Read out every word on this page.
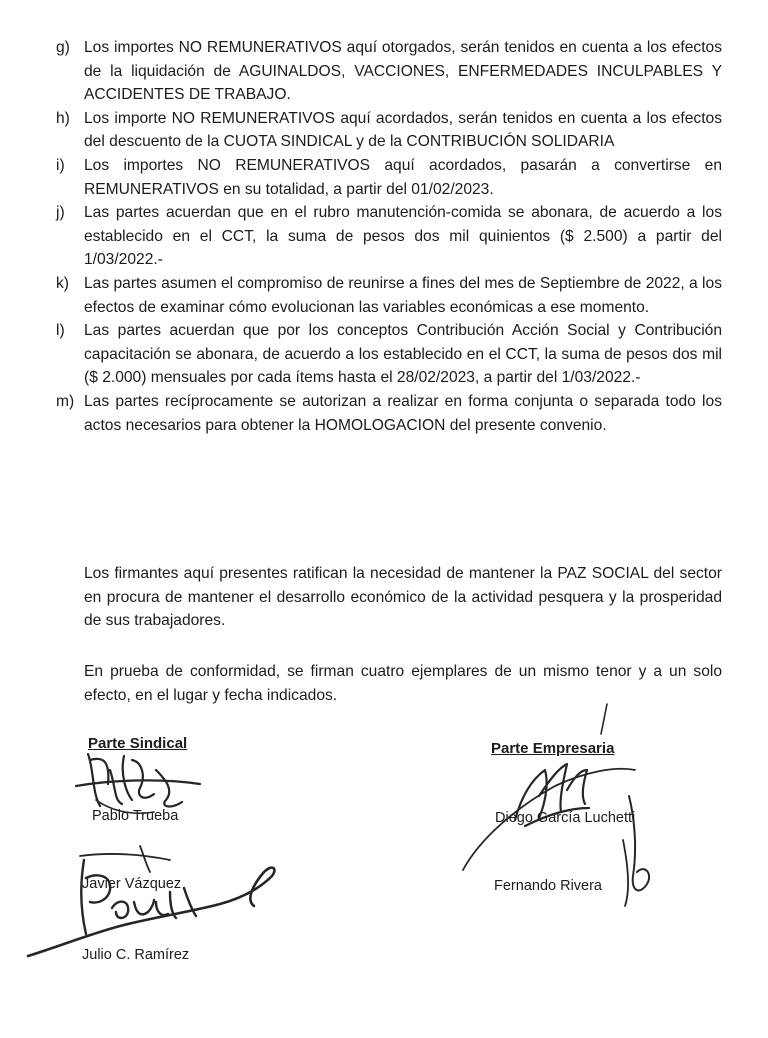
g) Los importes NO REMUNERATIVOS aquí otorgados, serán tenidos en cuenta a los efectos de la liquidación de AGUINALDOS, VACCIONES, ENFERMEDADES INCULPABLES Y ACCIDENTES DE TRABAJO.
h) Los importe NO REMUNERATIVOS aquí acordados, serán tenidos en cuenta a los efectos del descuento de la CUOTA SINDICAL y de la CONTRIBUCIÓN SOLIDARIA
i)	Los importes NO REMUNERATIVOS aquí acordados, pasarán a convertirse en REMUNERATIVOS en su totalidad, a partir del 01/02/2023.
j)	Las partes acuerdan que en el rubro manutención-comida se abonara, de acuerdo a los establecido en el CCT, la suma de pesos dos mil quinientos ($ 2.500) a partir del 1/03/2022.-
k) Las partes asumen el compromiso de reunirse a fines del mes de Septiembre de 2022, a los efectos de examinar cómo evolucionan las variables económicas a ese momento.
l)	Las partes acuerdan que por los conceptos Contribución Acción Social y Contribución capacitación se abonara, de acuerdo a los establecido en el CCT, la suma de pesos dos mil ($ 2.000) mensuales por cada ítems hasta el 28/02/2023, a partir del 1/03/2022.-
m) Las partes recíprocamente se autorizan a realizar en forma conjunta o separada todo los actos necesarios para obtener la HOMOLOGACION del presente convenio.

Los firmantes aquí presentes ratifican la necesidad de mantener la PAZ SOCIAL del sector en procura de mantener el desarrollo económico de la actividad pesquera y la prosperidad de sus trabajadores.

En prueba de conformidad, se firman cuatro ejemplares de un mismo tenor y a un solo efecto, en el lugar y fecha indicados.

Parte Sindical
Pablo Trueba
Javier Vázquez
Julio C. Ramírez
Parte Empresaria
Diego García Luchetti
Fernando Rivera
